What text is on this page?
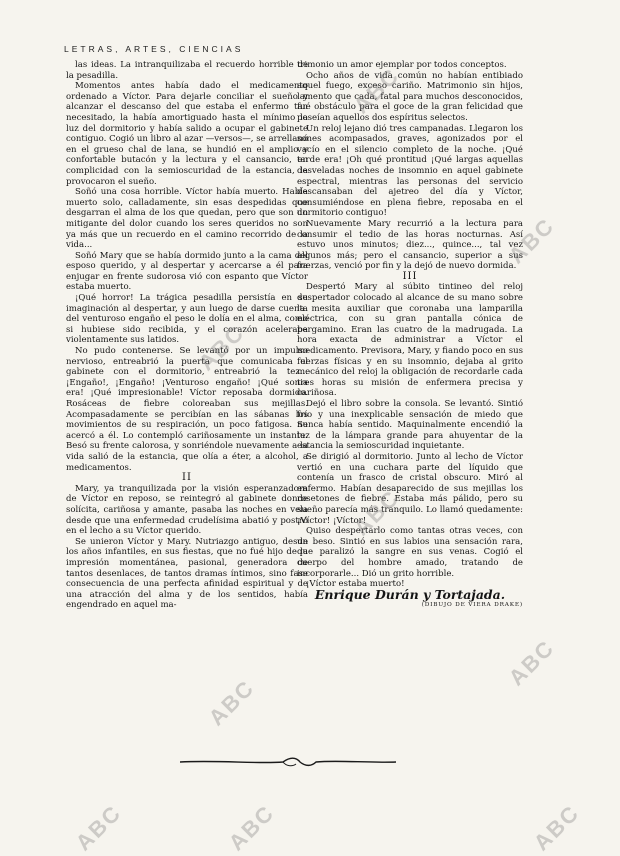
LETRAS, ARTES, CIENCIAS

las ideas. La intranquilizaba el recuerdo horrible de la pesadilla.

Momentos antes había dado el medicamento ordenado a Víctor. Para dejarle conciliar el sueño y alcanzar el descanso del que estaba el enfermo tan necesitado, la había amortiguado hasta el mínimo la luz del dormitorio y había salido a ocupar el gabinete contiguo. Cogió un libro al azar —versos—, se arrellanó en el grueso chal de lana, se hundió en el amplio y confortable butacón y la lectura y el cansancio, en complicidad con la semioscuridad de la estancia, la provocaron el sueño.

Soñó una cosa horrible. Víctor había muerto. Había muerto solo, calladamente, sin esas despedidas que desgarran el alma de los que quedan, pero que son un mitigante del dolor cuando los seres queridos no son ya más que un recuerdo en el camino recorrido de la vida...

Soñó Mary que se había dormido junto a la cama del esposo querido, y al despertar y acercarse a él para enjugar en frente sudorosa vió con espanto que Víctor estaba muerto.

¡Qué horror! La trágica pesadilla persistía en su imaginación al despertar, y aun luego de darse cuenta del venturoso engaño el peso le dolía en el alma, como si hubiese sido recibida, y el corazón aceleraba violentamente sus latidos.

No pudo contenerse. Se levantó por un impulso nervioso, entreabrió la puerta que comunicaba el gabinete con el dormitorio, entreabrió la tez... ¡Engaño!, ¡Engaño! ¡Venturoso engaño! ¡Qué sonia era! ¡Qué impresionable! Víctor reposaba dormido. Rosáceas de fiebre coloreaban sus mejillas. Acompasadamente se percibían en las sábanas los movimientos de su respiración, un poco fatigosa. Se acercó a él. Lo contempló cariñosamente un instante. Besó su frente calorosa, y sonriéndole nuevamente a la vida salió de la estancia, que olía a éter, a alcohol, a medicamentos.

II

Mary, ya tranquilizada por la visión esperanzadora de Víctor en reposo, se reintegró al gabinete donde solícita, cariñosa y amante, pasaba las noches en vela desde que una enfermedad crudelísima abatió y postró en el lecho a su Víctor querido.

Se unieron Víctor y Mary. Nutriazgo antiguo, desde los años infantiles, en sus fiestas, que no fué hijo de la impresión momentánea, pasional, generadora de tantos desenlaces, de tantos dramas íntimos, sino fase consecuencia de una perfecta afinidad espiritual y de una atracción del alma y de los sentidos, había engendrado en aquel ma-

trimonio un amor ejemplar por todos conceptos.

Ocho años de vida común no habían entibiado aquel fuego, exceso cariño. Matrimonio sin hijos, lamento que cada, fatal para muchos desconocidos, fué obstáculo para el goce de la gran felicidad que poseían aquellos dos espíritus selectos.

Un reloj lejano dió tres campanadas. Llegaron los sones acompasados, graves, agonizados por el vacío en el silencio completo de la noche. ¡Qué tarde era! ¡Oh qué prontitud ¡Qué largas aquellas desveladas noches de insomnio en aquel gabinete espectral, mientras las personas del servicio descansaban del ajetreo del día y Víctor, consumiéndose en plena fiebre, reposaba en el dormitorio contiguo!

Nuevamente Mary recurrió a la lectura para consumir el tedio de las horas nocturnas. Así estuvo unos minutos; diez..., quince..., tal vez algunos más; pero el cansancio, superior a sus fuerzas, venció por fin y la dejó de nuevo dormida.

III

Despertó Mary al súbito tintineo del reloj despertador colocado al alcance de su mano sobre la mesita auxiliar que coronaba una lamparilla eléctrica, con su gran pantalla cónica de pergamino. Eran las cuatro de la madrugada. La hora exacta de administrar a Víctor el medicamento. Previsora, Mary, y fiando poco en sus fuerzas físicas y en su insomnio, dejaba al grito mecánico del reloj la obligación de recordarle cada tres horas su misión de enfermera precisa y cariñosa.

Dejó el libro sobre la consola. Se levantó. Sintió frío y una inexplicable sensación de miedo que nunca había sentido. Maquinalmente encendió la luz de la lámpara grande para ahuyentar de la estancia la semioscuridad inquietante.

Se dirigió al dormitorio. Junto al lecho de Víctor vertió en una cuchara parte del líquido que contenía un frasco de cristal obscuro. Miró al enfermo. Habían desaparecido de sus mejillas los rosetones de fiebre. Estaba más pálido, pero su sueño parecía más tranquilo. Lo llamó quedamente: ¡Víctor! ¡Víctor!

Quiso despertarlo como tantas otras veces, con un beso. Sintió en sus labios una sensación rara, que paralizó la sangre en sus venas. Cogió el cuerpo del hombre amado, tratando de incorporarle... Dió un grito horrible.

¡Víctor estaba muerto!

Enrique Durán y Tortajada.

(DIBUJO DE VIERA DRAKE)

ABC
ABC
ABC
ABC
ABC
ABC	ABC	ABC
ABC
